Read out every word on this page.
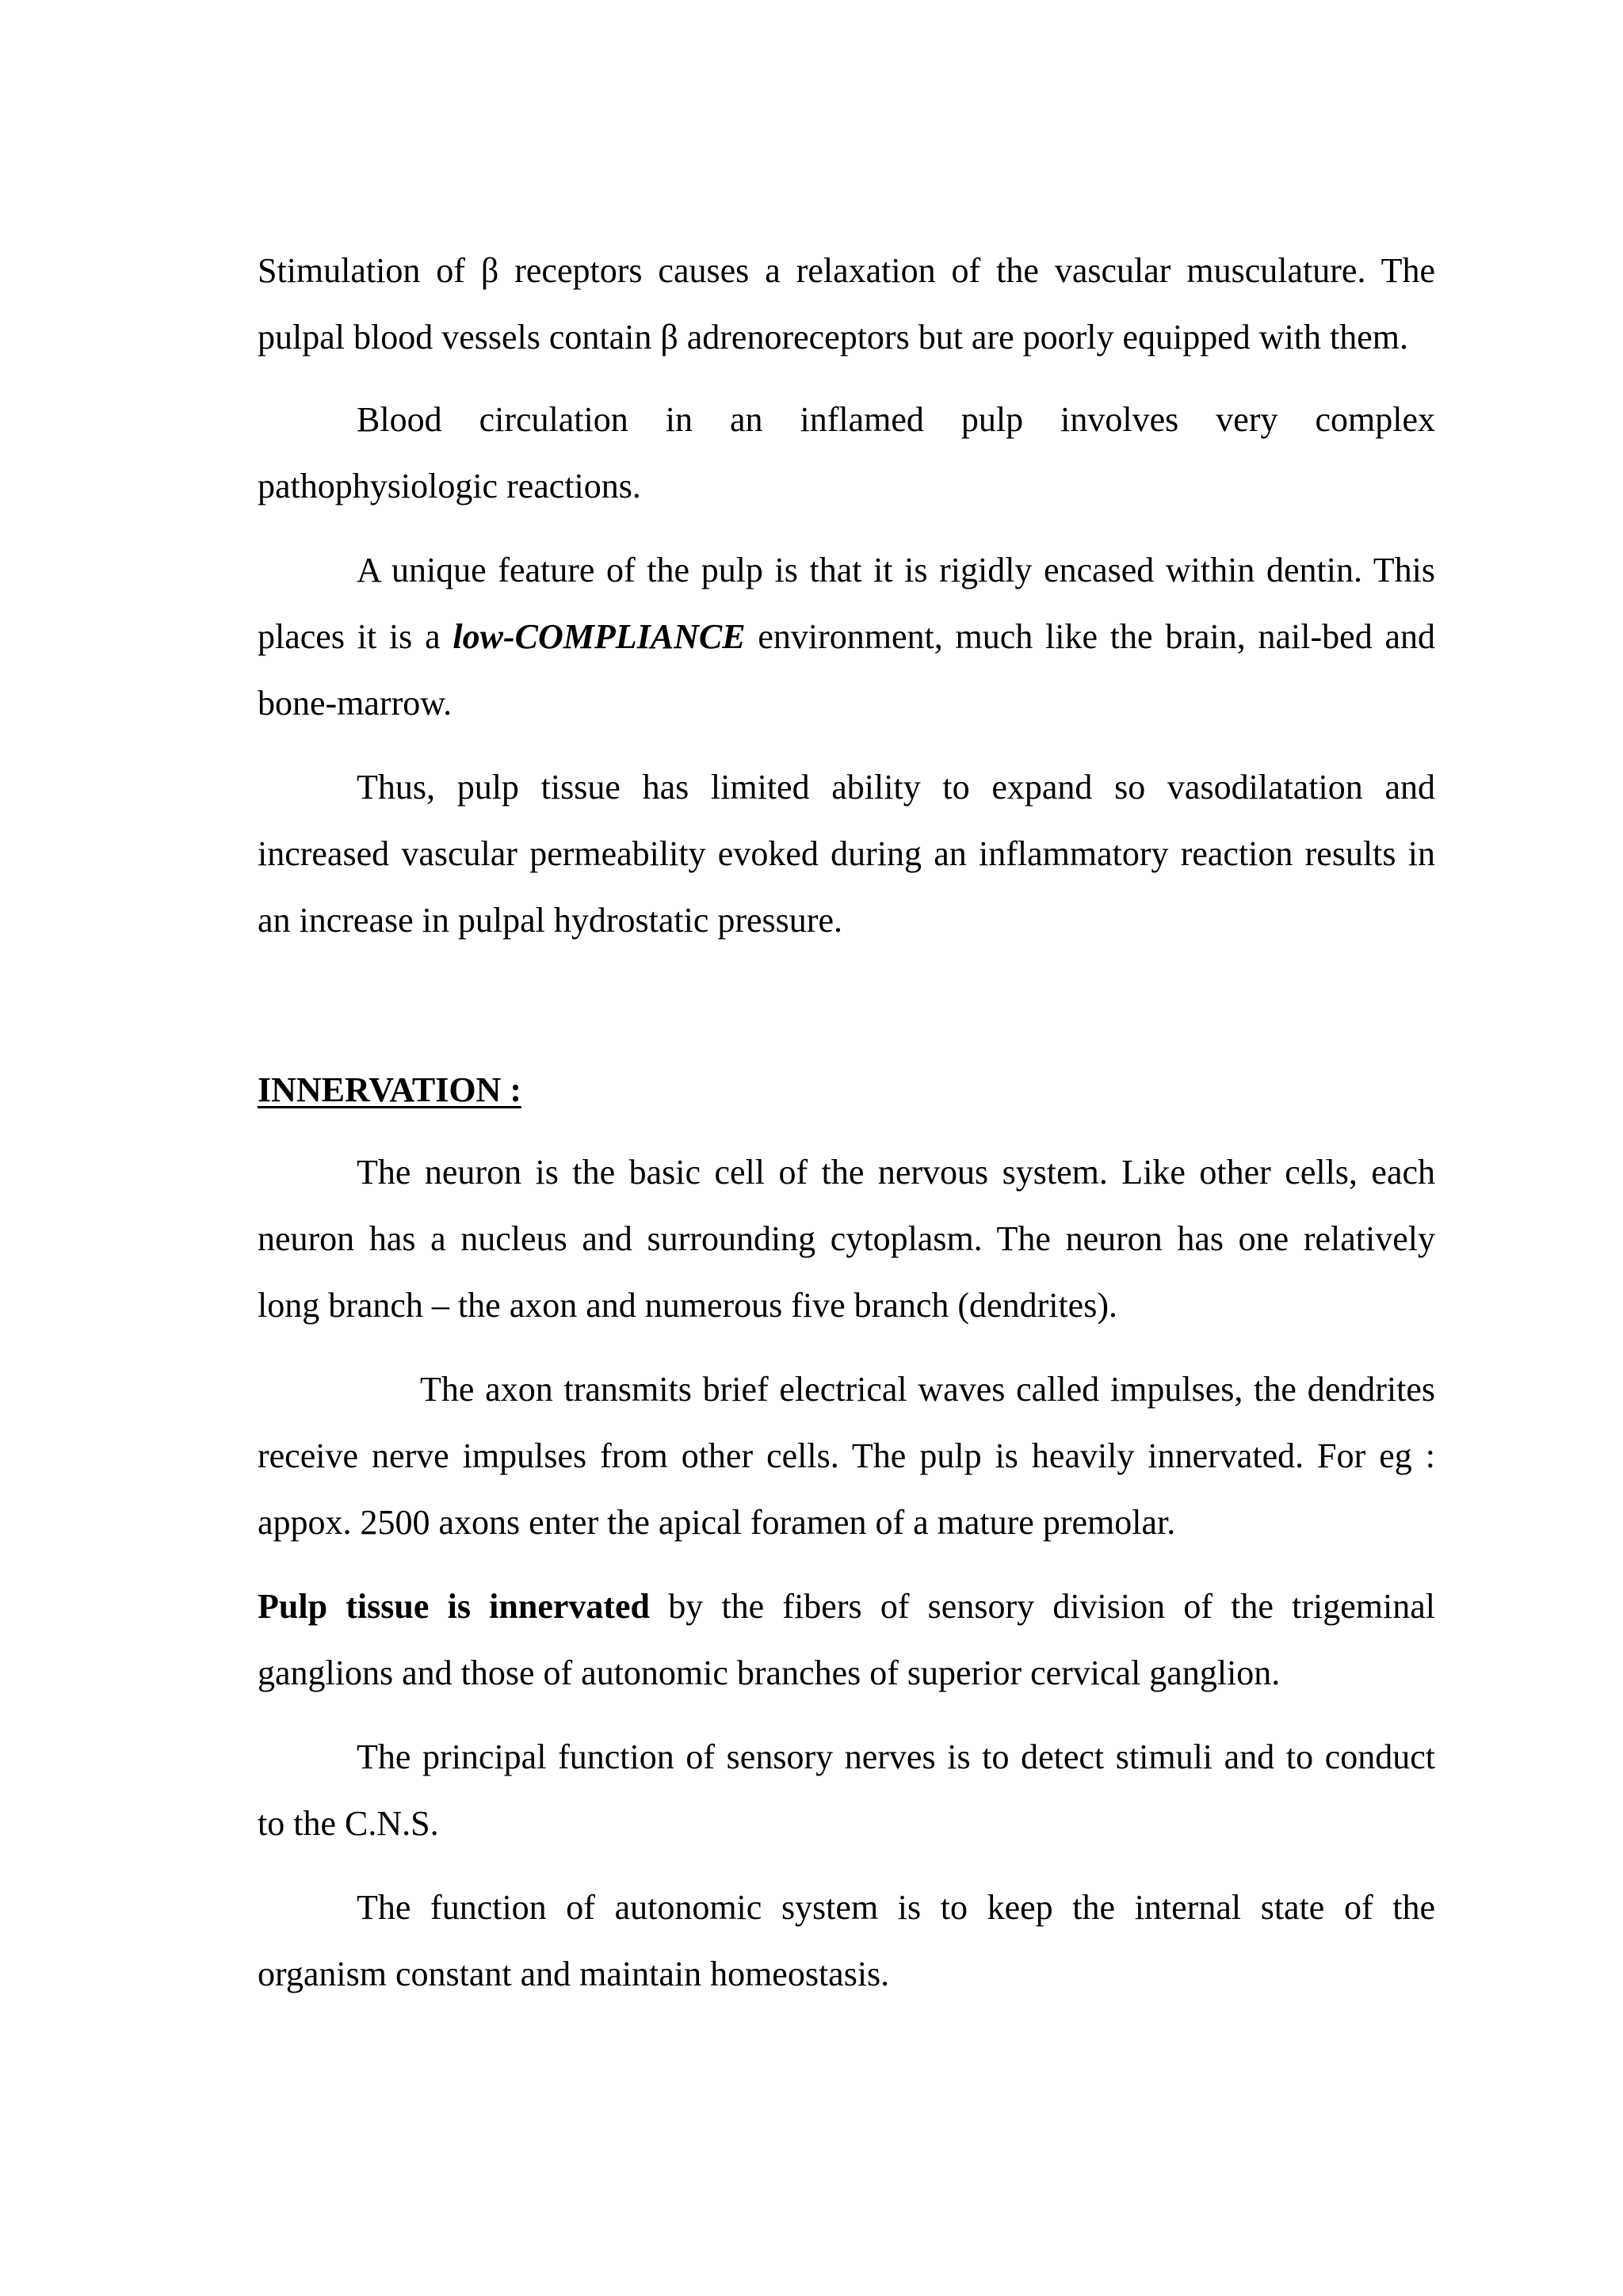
Stimulation of β receptors causes a relaxation of the vascular musculature. The pulpal blood vessels contain β adrenoreceptors but are poorly equipped with them.

Blood circulation in an inflamed pulp involves very complex pathophysiologic reactions.

A unique feature of the pulp is that it is rigidly encased within dentin. This places it is a low-COMPLIANCE environment, much like the brain, nail-bed and bone-marrow.

Thus, pulp tissue has limited ability to expand so vasodilatation and increased vascular permeability evoked during an inflammatory reaction results in an increase in pulpal hydrostatic pressure.

INNERVATION :

The neuron is the basic cell of the nervous system. Like other cells, each neuron has a nucleus and surrounding cytoplasm. The neuron has one relatively long branch – the axon and numerous five branch (dendrites).

The axon transmits brief electrical waves called impulses, the dendrites receive nerve impulses from other cells. The pulp is heavily innervated. For eg : appox. 2500 axons enter the apical foramen of a mature premolar.

Pulp tissue is innervated by the fibers of sensory division of the trigeminal ganglions and those of autonomic branches of superior cervical ganglion.

The principal function of sensory nerves is to detect stimuli and to conduct to the C.N.S.

The function of autonomic system is to keep the internal state of the organism constant and maintain homeostasis.
